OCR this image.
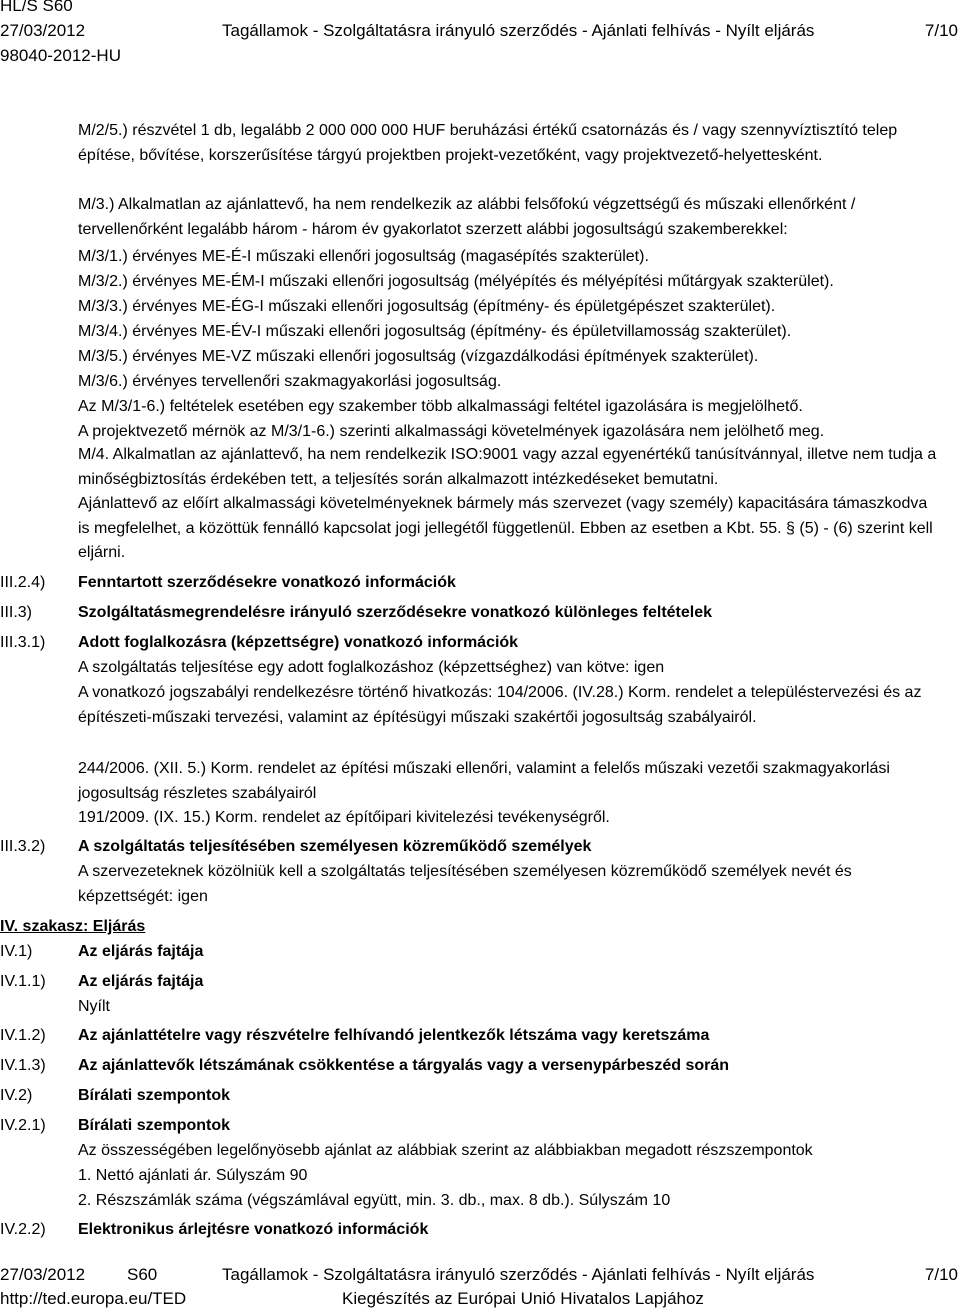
HL/S S60
27/03/2012
98040-2012-HU
Tagállamok - Szolgáltatásra irányuló szerződés - Ajánlati felhívás - Nyílt eljárás	7/10
M/2/5.) részvétel 1 db, legalább 2 000 000 000 HUF beruházási értékű csatornázás és / vagy szennyvíztisztító telep építése, bővítése, korszerűsítése tárgyú projektben projekt-vezetőként, vagy projektvezető-helyettesként.
M/3.) Alkalmatlan az ajánlattevő, ha nem rendelkezik az alábbi felsőfokú végzettségű és műszaki ellenőrként / tervellenőrként legalább három - három év gyakorlatot szerzett alábbi jogosultságú szakemberekkel:
M/3/1.) érvényes ME-É-I műszaki ellenőri jogosultság (magasépítés szakterület).
M/3/2.) érvényes ME-ÉM-I műszaki ellenőri jogosultság (mélyépítés és mélyépítési műtárgyak szakterület).
M/3/3.) érvényes ME-ÉG-I műszaki ellenőri jogosultság (építmény- és épületgépészet szakterület).
M/3/4.) érvényes ME-ÉV-I műszaki ellenőri jogosultság (építmény- és épületvillamosság szakterület).
M/3/5.) érvényes ME-VZ műszaki ellenőri jogosultság (vízgazdálkodási építmények szakterület).
M/3/6.) érvényes tervellenőri szakmagyakorlási jogosultság.
Az M/3/1-6.) feltételek esetében egy szakember több alkalmassági feltétel igazolására is megjelölhető.
A projektvezető mérnök az M/3/1-6.) szerinti alkalmassági követelmények igazolására nem jelölhető meg.
M/4. Alkalmatlan az ajánlattevő, ha nem rendelkezik ISO:9001 vagy azzal egyenértékű tanúsítvánnyal, illetve nem tudja a minőségbiztosítás érdekében tett, a teljesítés során alkalmazott intézkedéseket bemutatni.
Ajánlattevő az előírt alkalmassági követelményeknek bármely más szervezet (vagy személy) kapacitására támaszkodva is megfelelhet, a közöttük fennálló kapcsolat jogi jellegétől függetlenül. Ebben az esetben a Kbt. 55. § (5) - (6) szerint kell eljárni.
III.2.4) Fenntartott szerződésekre vonatkozó információk
III.3)	Szolgáltatásmegrendelésre irányuló szerződésekre vonatkozó különleges feltételek
III.3.1) Adott foglalkozásra (képzettségre) vonatkozó információk
A szolgáltatás teljesítése egy adott foglalkozáshoz (képzettséghez) van kötve: igen
A vonatkozó jogszabályi rendelkezésre történő hivatkozás: 104/2006. (IV.28.) Korm. rendelet a településtervezési és az építészeti-műszaki tervezési, valamint az építésügyi műszaki szakértői jogosultság szabályairól.
244/2006. (XII. 5.) Korm. rendelet az építési műszaki ellenőri, valamint a felelős műszaki vezetői szakmagyakorlási jogosultság részletes szabályairól
191/2009. (IX. 15.) Korm. rendelet az építőipari kivitelezési tevékenységről.
III.3.2) A szolgáltatás teljesítésében személyesen közreműködő személyek
A szervezeteknek közölniük kell a szolgáltatás teljesítésében személyesen közreműködő személyek nevét és képzettségét: igen
IV. szakasz: Eljárás
IV.1)	Az eljárás fajtája
IV.1.1) Az eljárás fajtája
Nyílt
IV.1.2) Az ajánlattételre vagy részvételre felhívandó jelentkezők létszáma vagy keretszáma
IV.1.3) Az ajánlattevők létszámának csökkentése a tárgyalás vagy a versenypárbeszéd során
IV.2)	Bírálati szempontok
IV.2.1) Bírálati szempontok
Az összességében legelőnyösebb ajánlat az alábbiak szerint az alábbiakban megadott részszempontok
1. Nettó ajánlati ár. Súlyszám 90
2. Részszámlák száma (végszámlával együtt, min. 3. db., max. 8 db.). Súlyszám 10
IV.2.2) Elektronikus árlejtésre vonatkozó információk
27/03/2012 S60	Tagállamok - Szolgáltatásra irányuló szerződés - Ajánlati felhívás - Nyílt eljárás	7/10
http://ted.europa.eu/TED	Kiegészítés az Európai Unió Hivatalos Lapjához
